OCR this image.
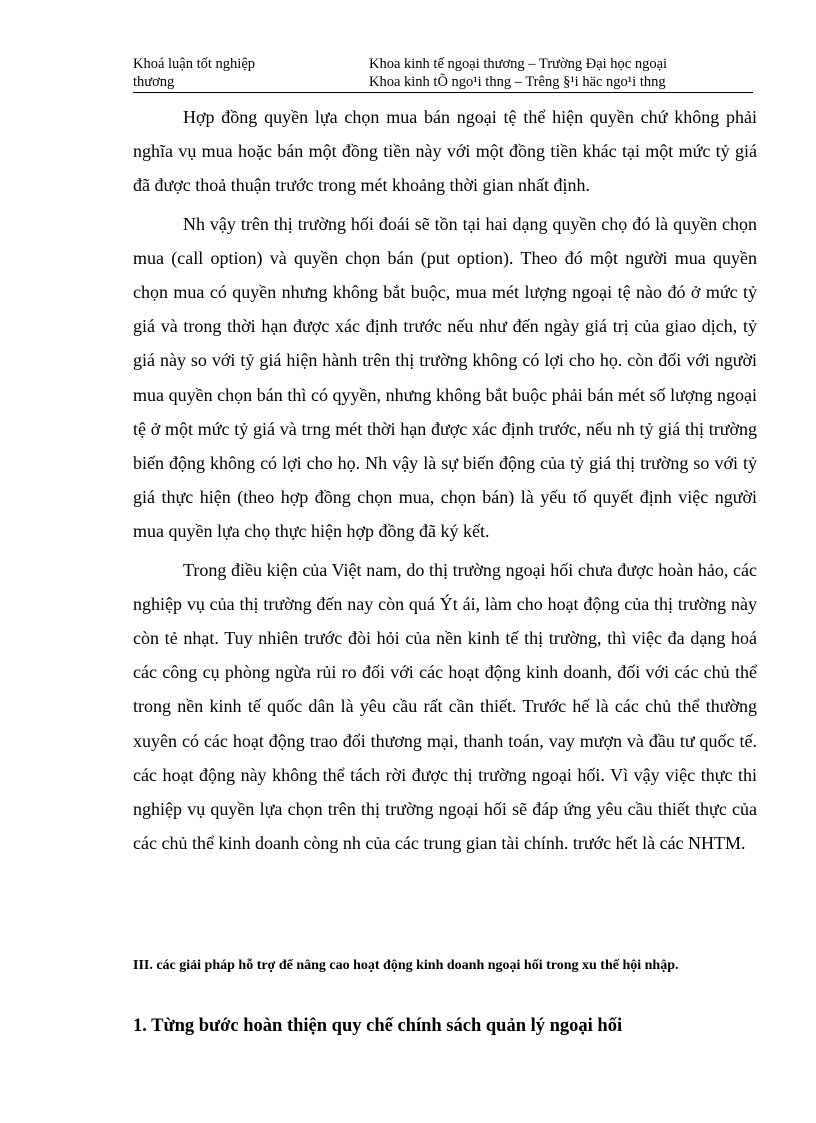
Khoá luận tốt nghiệp	Khoa kinh tế ngoại thương – Trường Đại học ngoại
thương	Khoa kinh tÕ ngo¹i thng – Trêng §¹i häc ngo¹i thng

Hợp đồng quyền lựa chọn mua bán ngoại tệ thể hiện quyền chứ không phải nghĩa vụ mua hoặc bán một đồng tiền này với một đồng tiền khác tại một mức tỷ giá đã được thoả thuận trước trong mét khoảng thời gian nhất định.

Nh vậy trên thị trường hối đoái sẽ tồn tại hai dạng quyền chọ đó là quyền chọn mua (call option) và quyền chọn bán (put option). Theo đó một người mua quyền chọn mua có quyền nhưng không bắt buộc, mua mét lượng ngoại tệ nào đó ở mức tỷ giá và trong thời hạn được xác định trước nếu như đến ngày giá trị của giao dịch, tỷ giá này so với tỷ giá hiện hành trên thị trường không có lợi cho họ. còn đối với người mua quyền chọn bán thì có qyyền, nhưng không bắt buộc phải bán mét số lượng ngoại tệ ở một mức tỷ giá và trng mét thời hạn được xác định trước, nếu nh tỷ giá thị trường biến động không có lợi cho họ. Nh vậy là sự biến động của tỷ giá thị trường so với tỷ giá thực hiện (theo hợp đồng chọn mua, chọn bán) là yếu tố quyết định việc người mua quyền lựa chọ thực hiện hợp đồng đã ký kết.

Trong điều kiện của Việt nam, do thị trường ngoại hối chưa được hoàn hảo, các nghiệp vụ của thị trường đến nay còn quá Ýt ái, làm cho hoạt động của thị trường này còn tẻ nhạt. Tuy nhiên trước đòi hỏi của nền kinh tế thị trường, thì việc đa dạng hoá các công cụ phòng ngừa rủi ro đối với các hoạt động kinh doanh, đối với các chủ thể trong nền kinh tế quốc dân là yêu cầu rất cần thiết. Trước hế là các chủ thể thường xuyên có các hoạt động trao đổi thương mại, thanh toán, vay mượn và đầu tư quốc tế. các hoạt động này không thể tách rời được thị trường ngoại hối. Vì vậy việc thực thi nghiệp vụ quyền lựa chọn trên thị trường ngoại hối sẽ đáp ứng yêu cầu thiết thực của các chủ thể kinh doanh còng nh của các trung gian tài chính. trước hết là các NHTM.

III. các giải pháp hỗ trợ để nâng cao hoạt động kinh doanh ngoại hối trong xu thế hội nhập.

1. Từng bước hoàn thiện quy chế chính sách quản lý ngoại hối
